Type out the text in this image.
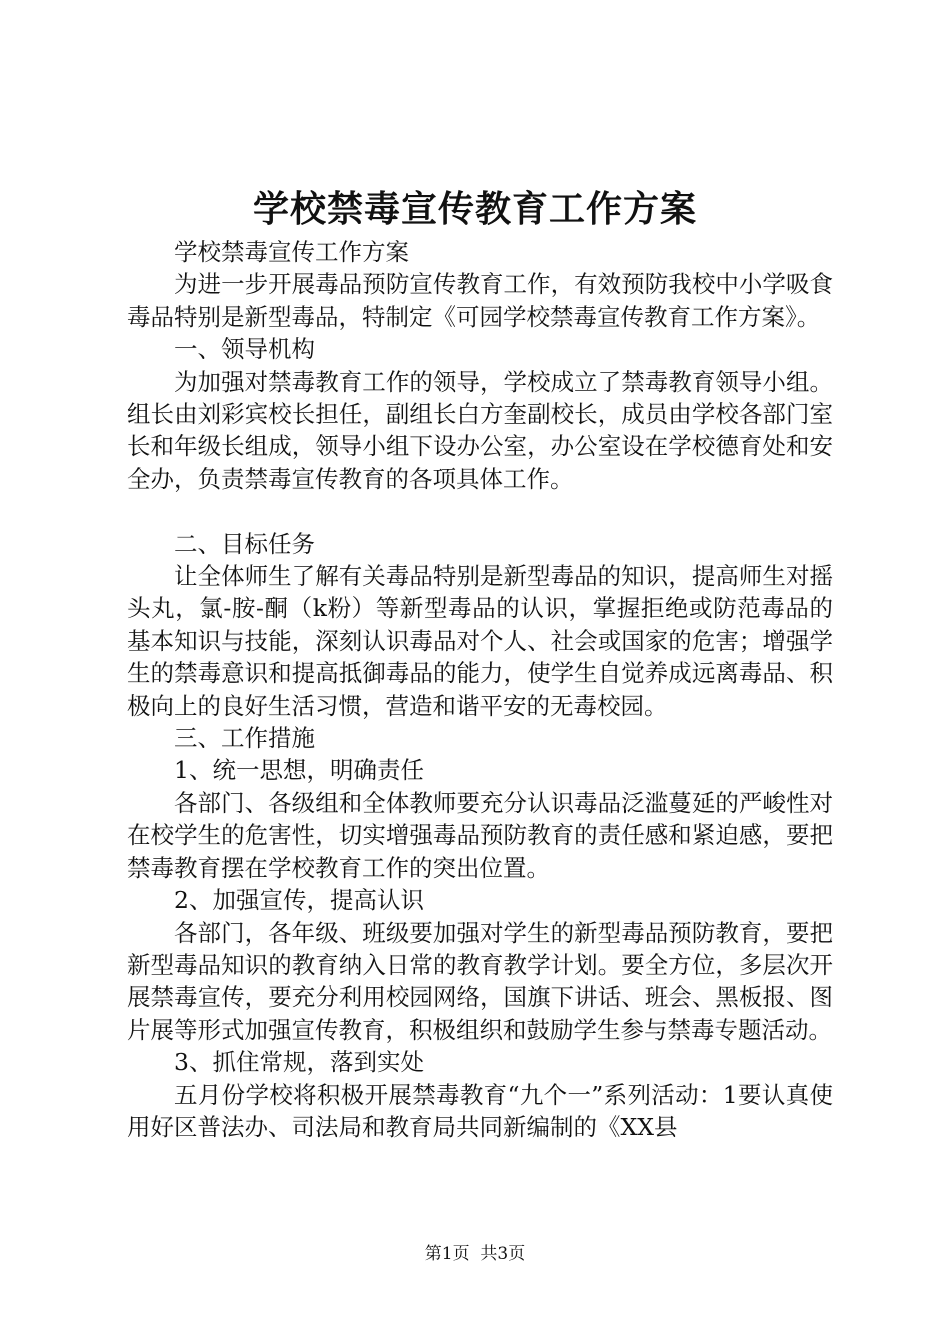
学校禁毒宣传教育工作方案

学校禁毒宣传工作方案

为进一步开展毒品预防宣传教育工作，有效预防我校中小学吸食毒品特别是新型毒品，特制定《可园学校禁毒宣传教育工作方案》。

一、领导机构

为加强对禁毒教育工作的领导，学校成立了禁毒教育领导小组。组长由刘彩宾校长担任，副组长白方奎副校长，成员由学校各部门室长和年级长组成，领导小组下设办公室，办公室设在学校德育处和安全办，负责禁毒宣传教育的各项具体工作。

二、目标任务

让全体师生了解有关毒品特别是新型毒品的知识，提高师生对摇头丸，氯-胺-酮（k粉）等新型毒品的认识，掌握拒绝或防范毒品的基本知识与技能，深刻认识毒品对个人、社会或国家的危害；增强学生的禁毒意识和提高抵御毒品的能力，使学生自觉养成远离毒品、积极向上的良好生活习惯，营造和谐平安的无毒校园。

三、工作措施

1、统一思想，明确责任

各部门、各级组和全体教师要充分认识毒品泛滥蔓延的严峻性对在校学生的危害性，切实增强毒品预防教育的责任感和紧迫感，要把禁毒教育摆在学校教育工作的突出位置。

2、加强宣传，提高认识

各部门，各年级、班级要加强对学生的新型毒品预防教育，要把新型毒品知识的教育纳入日常的教育教学计划。要全方位，多层次开展禁毒宣传，要充分利用校园网络，国旗下讲话、班会、黑板报、图片展等形式加强宣传教育，积极组织和鼓励学生参与禁毒专题活动。

3、抓住常规，落到实处

五月份学校将积极开展禁毒教育“九个一”系列活动：1要认真使用好区普法办、司法局和教育局共同新编制的《XX县

第1页 共3页
